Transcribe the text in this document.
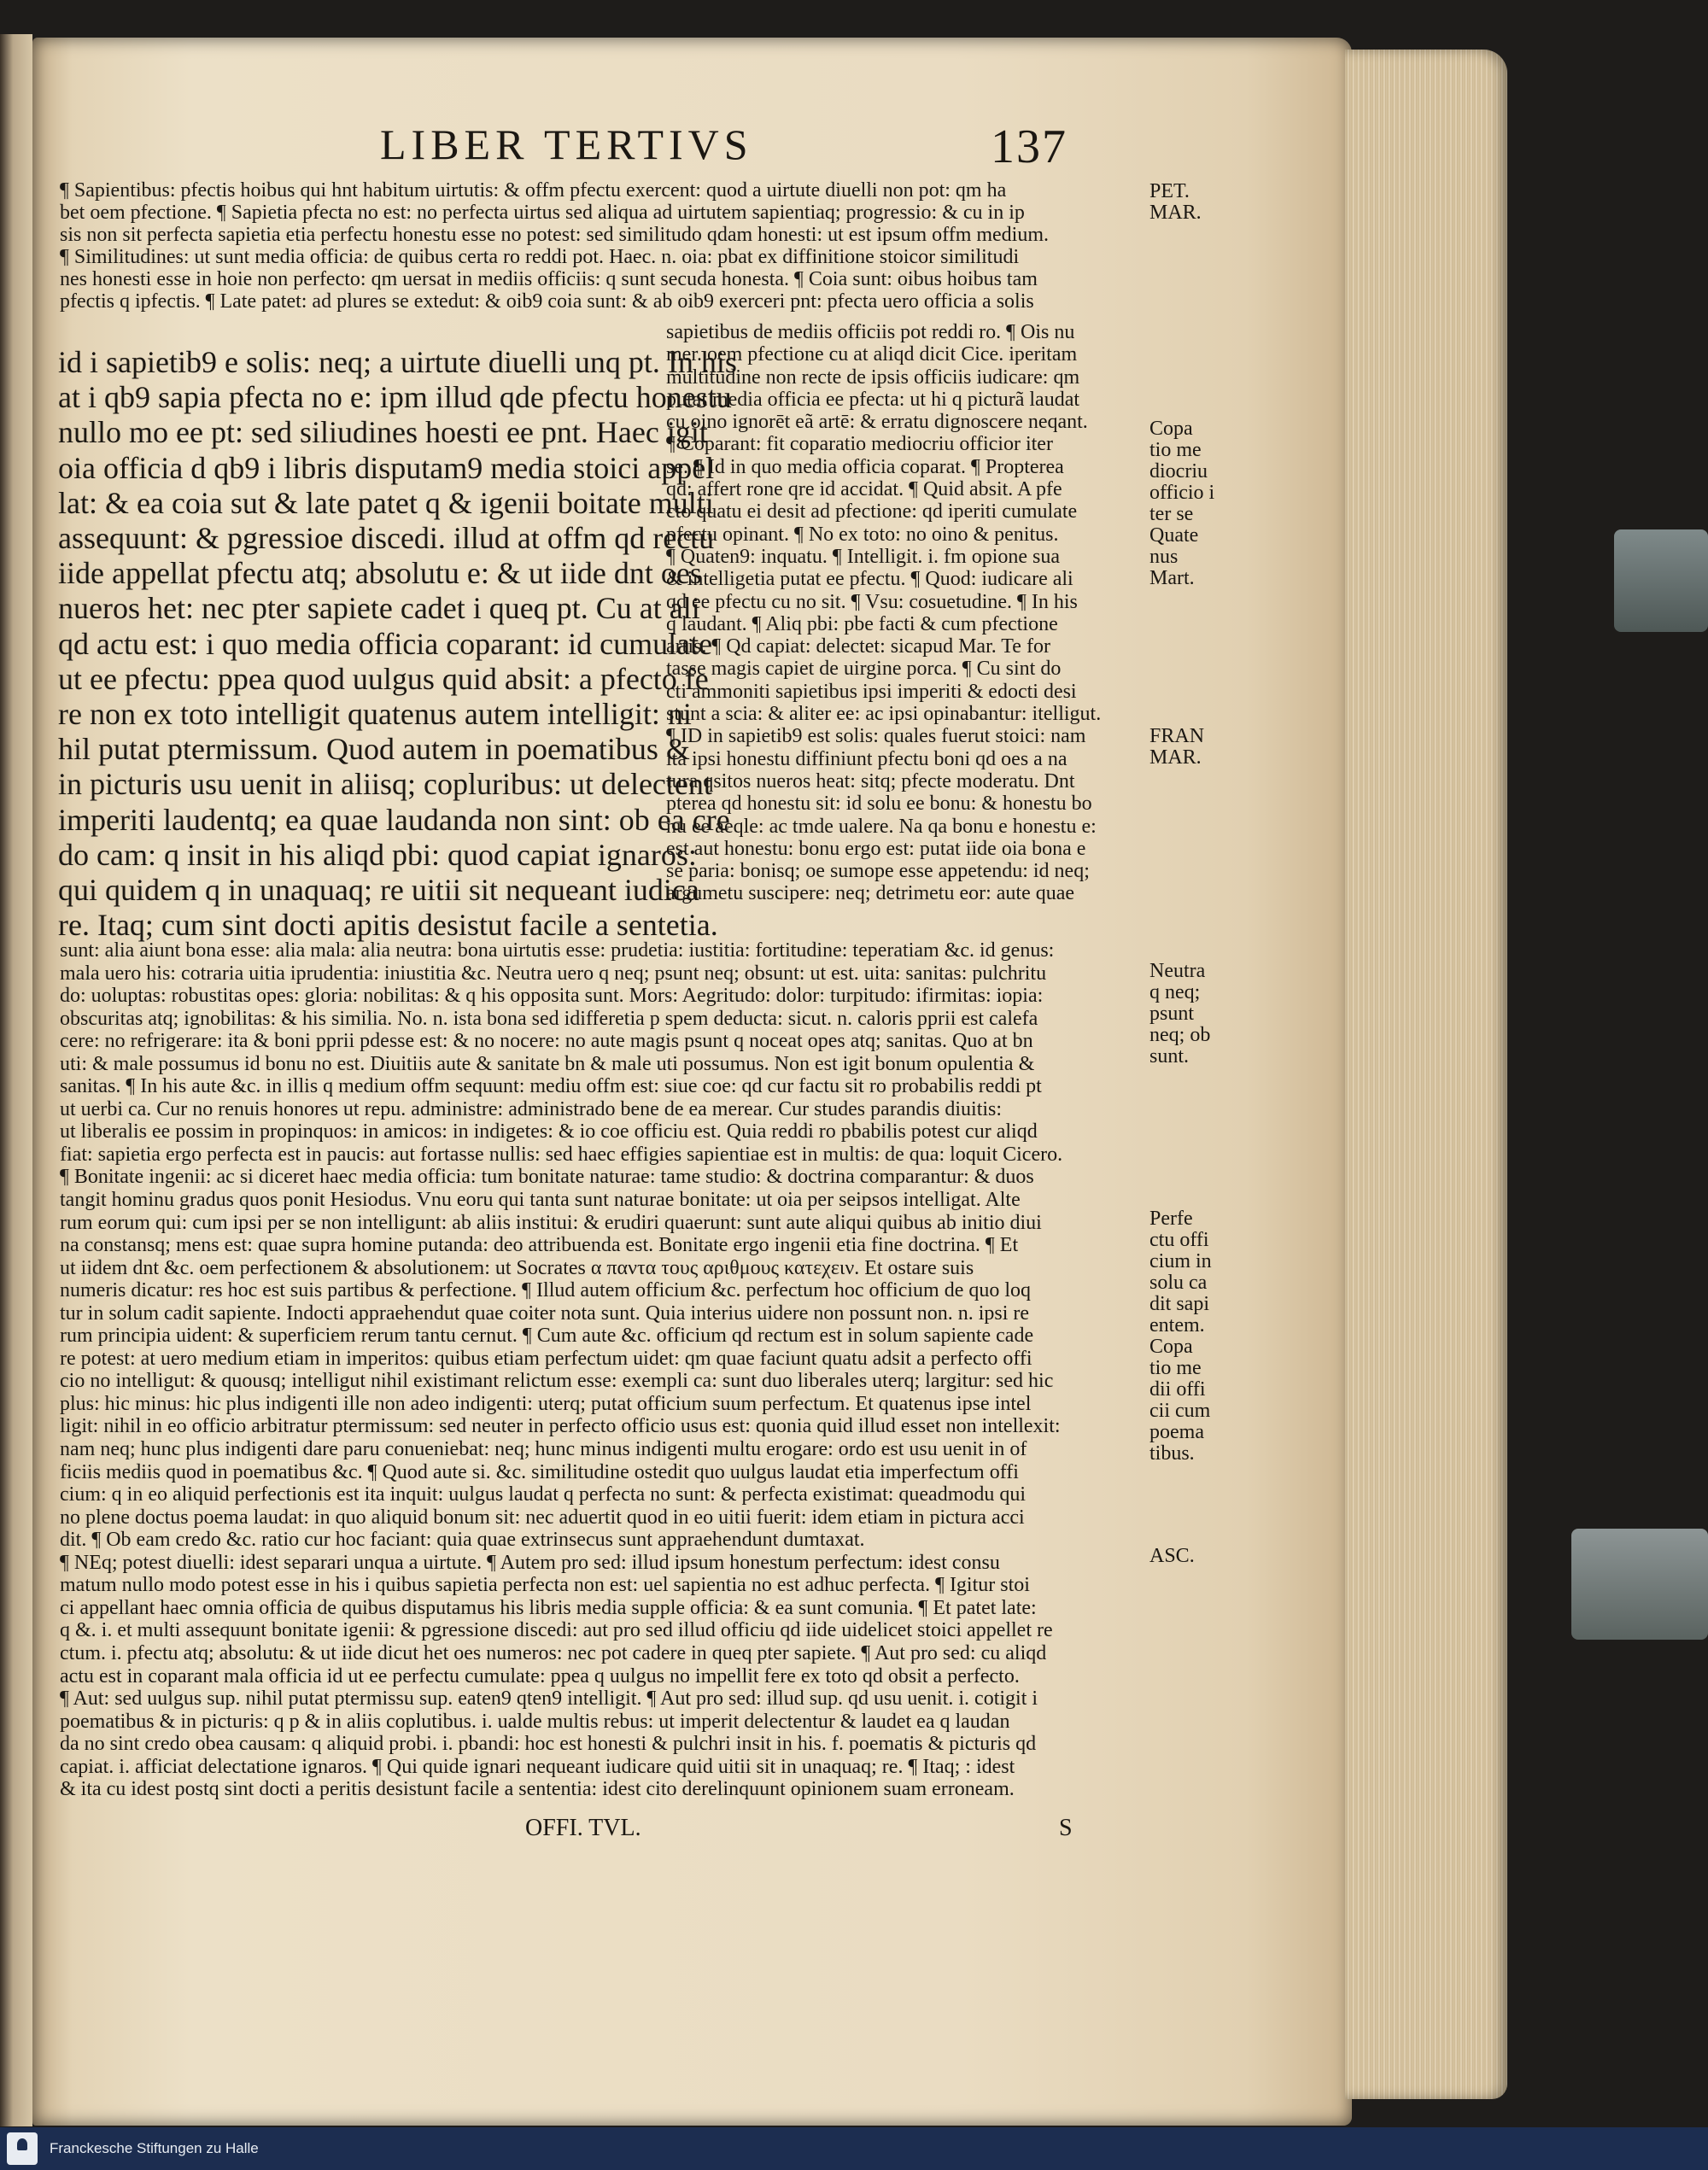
LIBER TERTIVS	137

¶ Sapientibus: pfectis hoibus qui hnt habitum uirtutis: & offm pfectu exercent: quod a uirtute diuelli non pot: qm ha

bet oem pfectione. ¶ Sapietia pfecta no est: no perfecta uirtus sed aliqua ad uirtutem sapientiaq; progressio: & cu in ip

sis non sit perfecta sapietia etia perfectu honestu esse no potest: sed similitudo qdam honesti: ut est ipsum offm medium.

¶ Similitudines: ut sunt media officia: de quibus certa ro reddi pot. Haec. n. oia: pbat ex diffinitione stoicor similitudi

nes honesti esse in hoie non perfecto: qm uersat in mediis officiis: q sunt secuda honesta. ¶ Coia sunt: oibus hoibus tam

pfectis q ipfectis. ¶ Late patet: ad plures se extedut: & oib9 coia sunt: & ab oib9 exerceri pnt: pfecta uero officia a solis

sapietibus de mediis officiis pot reddi ro. ¶ Ois nu

mer. oem pfectione cu at aliqd dicit Cice. iperitam

multitudine non recte de ipsis officiis iudicare: qm

putat media officia ee pfecta: ut hi q picturã laudat

cu oino ignorēt eã artē: & erratu dignoscere neqant.

¶ Coparant: fit coparatio mediocriu officior iter

se. ¶ Id in quo media officia coparat. ¶ Propterea

qd: affert rone qre id accidat. ¶ Quid absit. A pfe

cto quatu ei desit ad pfectione: qd iperiti cumulate

pfectu opinant. ¶ No ex toto: no oino & penitus.

¶ Quaten9: inquatu. ¶ Intelligit. i. fm opione sua

& intelligetia putat ee pfectu. ¶ Quod: iudicare ali

qd ee pfectu cu no sit. ¶ Vsu: cosuetudine. ¶ In his

q laudant. ¶ Aliq pbi: pbe facti & cum pfectione

artis. ¶ Qd capiat: delectet: sicapud Mar. Te for

tasse magis capiet de uirgine porca. ¶ Cu sint do

cti ammoniti sapietibus ipsi imperiti & edocti desi

stunt a scia: & aliter ee: ac ipsi opinabantur: itelligut.

¶ ID in sapietib9 est solis: quales fuerut stoici: nam

ita ipsi honestu diffiniunt pfectu boni qd oes a na

tura qsitos nueros heat: sitq; pfecte moderatu. Dnt

pterea qd honestu sit: id solu ee bonu: & honestu bo

nu ee aeqle: ac tmde ualere. Na qa bonu e honestu e:

est aut honestu: bonu ergo est: putat iide oia bona e

se paria: bonisq; oe sumope esse appetendu: id neq;

argumetu suscipere: neq; detrimetu eor: aute quae

id i sapietib9 e solis: neq; a uirtute diuelli unq pt. In his

at i qb9 sapia pfecta no e: ipm illud qde pfectu honestu

nullo mo ee pt: sed siliudines hoesti ee pnt. Haec igit

oia officia d qb9 i libris disputam9 media stoici appel

lat: & ea coia sut & late patet q & igenii boitate multi

assequunt: & pgressioe discedi. illud at offm qd rectu

iide appellat pfectu atq; absolutu e: & ut iide dnt oes

nueros het: nec pter sapiete cadet i queq pt. Cu at ali

qd actu est: i quo media officia coparant: id cumulate

ut ee pfectu: ppea quod uulgus quid absit: a pfecto fe

re non ex toto intelligit quatenus autem intelligit: ni

hil putat ptermissum. Quod autem in poematibus &

in picturis usu uenit in aliisq; copluribus: ut delectent

imperiti laudentq; ea quae laudanda non sint: ob ea cre

do cam: q insit in his aliqd pbi: quod capiat ignaros:

qui quidem q in unaquaq; re uitii sit nequeant iudica

re. Itaq; cum sint docti apitis desistut facile a sentetia.

sunt: alia aiunt bona esse: alia mala: alia neutra: bona uirtutis esse: prudetia: iustitia: fortitudine: teperatiam &c. id genus:

mala uero his: cotraria uitia iprudentia: iniustitia &c. Neutra uero q neq; psunt neq; obsunt: ut est. uita: sanitas: pulchritu

do: uoluptas: robustitas opes: gloria: nobilitas: & q his opposita sunt. Mors: Aegritudo: dolor: turpitudo: ifirmitas: iopia:

obscuritas atq; ignobilitas: & his similia. No. n. ista bona sed idifferetia p spem deducta: sicut. n. caloris pprii est calefa

cere: no refrigerare: ita & boni pprii pdesse est: & no nocere: no aute magis psunt q noceat opes atq; sanitas. Quo at bn

uti: & male possumus id bonu no est. Diuitiis aute & sanitate bn & male uti possumus. Non est igit bonum opulentia &

sanitas. ¶ In his aute &c. in illis q medium offm sequunt: mediu offm est: siue coe: qd cur factu sit ro probabilis reddi pt

ut uerbi ca. Cur no renuis honores ut repu. administre: administrado bene de ea merear. Cur studes parandis diuitis:

ut liberalis ee possim in propinquos: in amicos: in indigetes: & io coe officiu est. Quia reddi ro pbabilis potest cur aliqd

fiat: sapietia ergo perfecta est in paucis: aut fortasse nullis: sed haec effigies sapientiae est in multis: de qua: loquit Cicero.

¶ Bonitate ingenii: ac si diceret haec media officia: tum bonitate naturae: tame studio: & doctrina comparantur: & duos

tangit hominu gradus quos ponit Hesiodus. Vnu eoru qui tanta sunt naturae bonitate: ut oia per seipsos intelligat. Alte

rum eorum qui: cum ipsi per se non intelligunt: ab aliis institui: & erudiri quaerunt: sunt aute aliqui quibus ab initio diui

na constansq; mens est: quae supra homine putanda: deo attribuenda est. Bonitate ergo ingenii etia fine doctrina. ¶ Et

ut iidem dnt &c. oem perfectionem & absolutionem: ut Socrates α παντα τους αριθμους κατεχειν. Et ostare suis

numeris dicatur: res hoc est suis partibus & perfectione. ¶ Illud autem officium &c. perfectum hoc officium de quo loq

tur in solum cadit sapiente. Indocti appraehendut quae coiter nota sunt. Quia interius uidere non possunt non. n. ipsi re

rum principia uident: & superficiem rerum tantu cernut. ¶ Cum aute &c. officium qd rectum est in solum sapiente cade

re potest: at uero medium etiam in imperitos: quibus etiam perfectum uidet: qm quae faciunt quatu adsit a perfecto offi

cio no intelligut: & quousq; intelligut nihil existimant relictum esse: exempli ca: sunt duo liberales uterq; largitur: sed hic

plus: hic minus: hic plus indigenti ille non adeo indigenti: uterq; putat officium suum perfectum. Et quatenus ipse intel

ligit: nihil in eo officio arbitratur ptermissum: sed neuter in perfecto officio usus est: quonia quid illud esset non intellexit:

nam neq; hunc plus indigenti dare paru conueniebat: neq; hunc minus indigenti multu erogare: ordo est usu uenit in of

ficiis mediis quod in poematibus &c. ¶ Quod aute si. &c. similitudine ostedit quo uulgus laudat etia imperfectum offi

cium: q in eo aliquid perfectionis est ita inquit: uulgus laudat q perfecta no sunt: & perfecta existimat: queadmodu qui

no plene doctus poema laudat: in quo aliquid bonum sit: nec aduertit quod in eo uitii fuerit: idem etiam in pictura acci

dit. ¶ Ob eam credo &c. ratio cur hoc faciant: quia quae extrinsecus sunt appraehendunt dumtaxat.

¶ NEq; potest diuelli: idest separari unqua a uirtute. ¶ Autem pro sed: illud ipsum honestum perfectum: idest consu

matum nullo modo potest esse in his i quibus sapietia perfecta non est: uel sapientia no est adhuc perfecta. ¶ Igitur stoi

ci appellant haec omnia officia de quibus disputamus his libris media supple officia: & ea sunt comunia. ¶ Et patet late:

q &. i. et multi assequunt bonitate igenii: & pgressione discedi: aut pro sed illud officiu qd iide uidelicet stoici appellet re

ctum. i. pfectu atq; absolutu: & ut iide dicut het oes numeros: nec pot cadere in queq pter sapiete. ¶ Aut pro sed: cu aliqd

actu est in coparant mala officia id ut ee perfectu cumulate: ppea q uulgus no impellit fere ex toto qd obsit a perfecto.

¶ Aut: sed uulgus sup. nihil putat ptermissu sup. eaten9 qten9 intelligit. ¶ Aut pro sed: illud sup. qd usu uenit. i. cotigit i

poematibus & in picturis: q p & in aliis coplutibus. i. ualde multis rebus: ut imperit delectentur & laudet ea q laudan

da no sint credo obea causam: q aliquid probi. i. pbandi: hoc est honesti & pulchri insit in his. f. poematis & picturis qd

capiat. i. afficiat delectatione ignaros. ¶ Qui quide ignari nequeant iudicare quid uitii sit in unaquaq; re. ¶ Itaq; : idest

& ita cu idest postq sint docti a peritis desistunt facile a sententia: idest cito derelinquunt opinionem suam erroneam.

PET.
MAR.

Copa
tio me
diocriu
officio i
ter se
Quate
nus
Mart.

FRAN
MAR.

Neutra
q neq;
psunt
neq; ob
sunt.

Perfe
ctu offi
cium in
solu ca
dit sapi
entem.
Copa
tio me
dii offi
cii cum
poema
tibus.

ASC.

OFFI. TVL.	S
Franckesche Stiftungen zu Halle
